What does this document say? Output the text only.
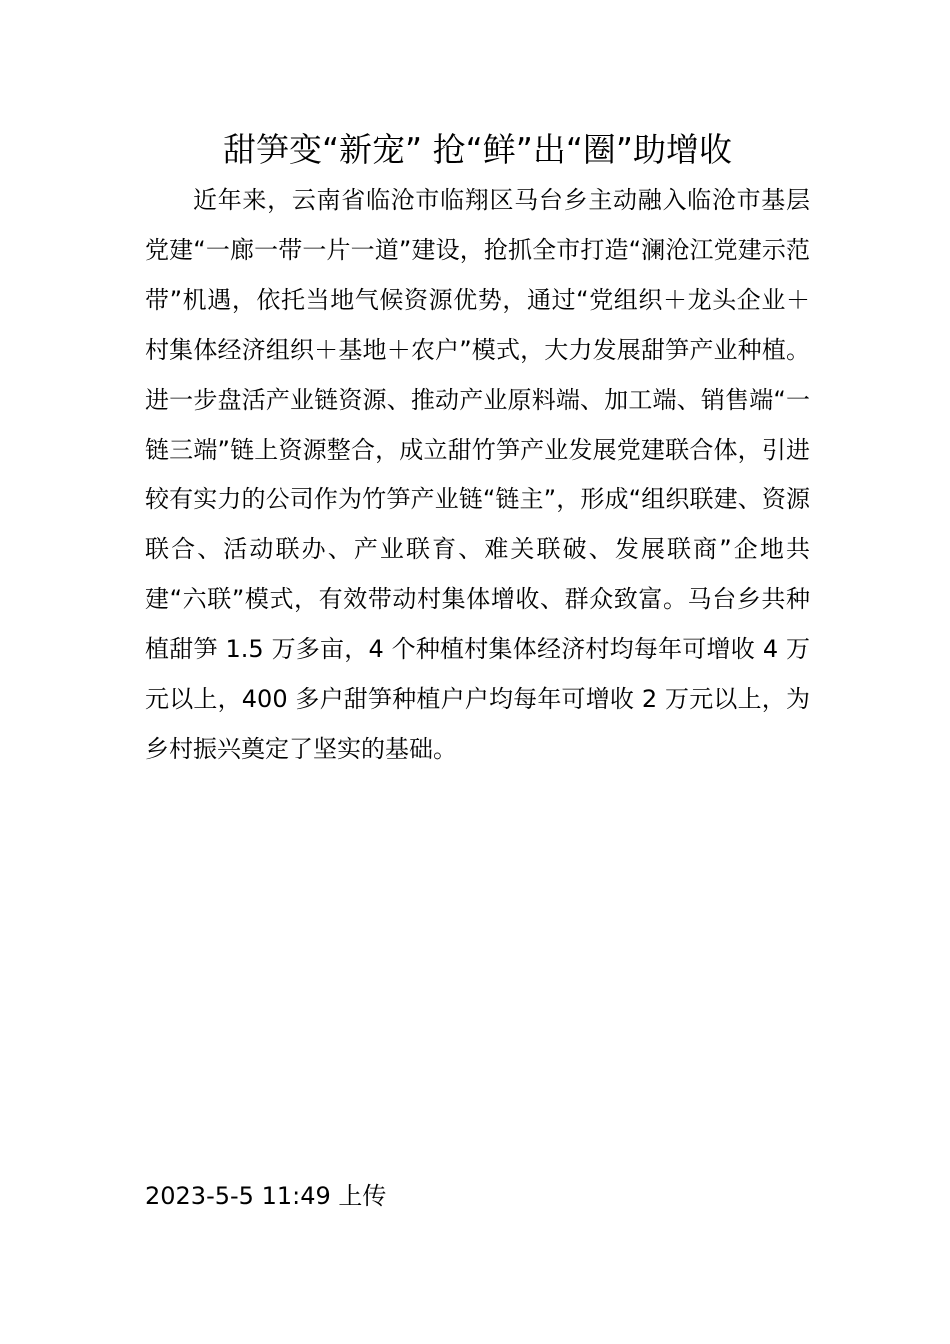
甜笋变“新宠” 抢“鲜”出“圈”助增收

近年来，云南省临沧市临翔区马台乡主动融入临沧市基层党建“一廊一带一片一道”建设，抢抓全市打造“澜沧江党建示范带”机遇，依托当地气候资源优势，通过“党组织＋龙头企业＋村集体经济组织＋基地＋农户”模式，大力发展甜笋产业种植。进一步盘活产业链资源、推动产业原料端、加工端、销售端“一链三端”链上资源整合，成立甜竹笋产业发展党建联合体，引进较有实力的公司作为竹笋产业链“链主”，形成“组织联建、资源联合、活动联办、产业联育、难关联破、发展联商”企地共建“六联”模式，有效带动村集体增收、群众致富。马台乡共种植甜笋 1.5 万多亩，4 个种植村集体经济村均每年可增收 4 万元以上，400 多户甜笋种植户户均每年可增收 2 万元以上，为乡村振兴奠定了坚实的基础。

2023-5-5 11:49 上传
